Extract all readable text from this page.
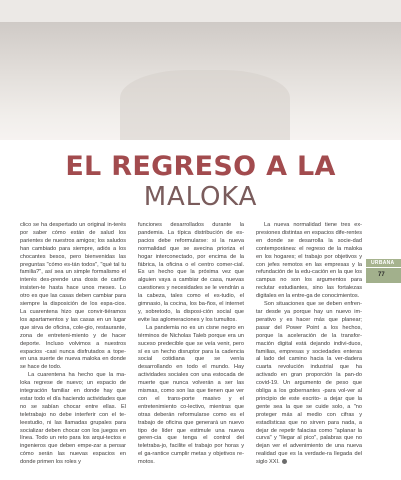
EL REGRESO A LA
MALOKA

clico se ha despertado un original in-terés por saber cómo están de salud los parientes de nuestros amigos; los saludos han cambiado para siempre, adiós a los chocantes besos, pero bienvenidas las preguntas "cómo es-tán todos", "qué tal tu familia?", así sea un simple formalismo el interés des-prende una dosis de cariño insisten-te hasta hace unos meses. Lo otro es que las casas deben cambiar para siempre la disposición de los espa-cios. La cuarentena hizo que convir-tiéramos los apartamentos y las casas en un lugar que sirva de oficina, cole-gio, restaurante, zona de entreteni-miento y de hacer deporte. Incluso volvimos a nuestros espacios -casi nunca disfrutados a tope- en una suerte de nueva maloka en donde se hace de todo.

La cuarentena ha hecho que la ma-loka regrese de nuevo; un espacio de integración familiar en donde hay que estar todo el día haciendo actividades que no se sabían chocar entre ellas. El teletrabajo no debe interferir con el te-leestudio, ni las llamadas grupales para socializar deben chocar con los juegos en línea. Todo un reto para los arqui-tectos e ingenieros que deben empe-zar a pensar cómo serán las nuevas espacios en donde primen los roles y

funciones desarrollados durante la pandemia. La típica distribución de es-pacios debe reformularse: si la nueva normalidad que se avecina prioriza el hogar interconectado, por encima de la fábrica, la oficina o el centro comer-cial. Es un hecho que la próxima vez que alguien vaya a cambiar de casa, nuevas cuestiones y necesidades se le vendrán a la cabeza, tales como el es-tudio, el gimnasio, la cocina, los ba-ños, el internet y, sobretodo, la disposi-ción social que evite las aglomeraciones y los tumultos.

La pandemia no es un cisne negro en términos de Nicholas Taleb porque era un suceso predecible que se veía venir, pero sí es un hecho disruptor para la cadencia social cotidiana que se venía desarrollando en todo el mundo. Hay actividades sociales con una estocada de muerte que nunca volverán a ser las mismas, como son las que tienen que ver con el trans-porte masivo y el entretenimiento co-lectivo, mientras que otras deberán reformularse como es el trabajo de oficina que generará un nuevo tipo de líder que estimule una nueva geren-cia que tenga el control del teletraba-jo, facilite el trabajo por horas y el ga-rantice cumplir metas y objetivos re-motos.

La nueva normalidad tiene tres ex-presiones distintas en espacios dife-rentes en donde se desarrolla la socie-dad contemporánea: el regreso de la maloka en los hogares; el trabajo por objetivos y con jefes remotos en las empresas y la refundación de la edu-cación en la que los campus no son los argumentos para reclutar estudiantes, sino las fortalezas digitales en la entre-ga de conocimientos.

Son situaciones que se deben enfren-tar desde ya porque hay un nuevo im-perativo y es hacer más que planear; pasar del Power Point a los hechos, porque la aceleración de la transfor-mación digital está dejando indivi-duos, familias, empresas y sociedades enteras al lado del camino hacia la ver-dadera cuarta revolución industrial que ha activado en gran proporción la pan-do covid-19. Un argumento de peso que obliga a los gobernantes -para vol-ver al principio de este escrito- a dejar que la gente sea la que se cuide solo, a "no proteger más al medio con cifras y estadísticas que no sirven para nada, a dejar de repetir falacias como "aplanar la curva" y "llegar al pico", palabras que no dejan ver el advenimiento de una nueva realidad que es la verdade-ra llegada del siglo XXI.

URBANA
77
